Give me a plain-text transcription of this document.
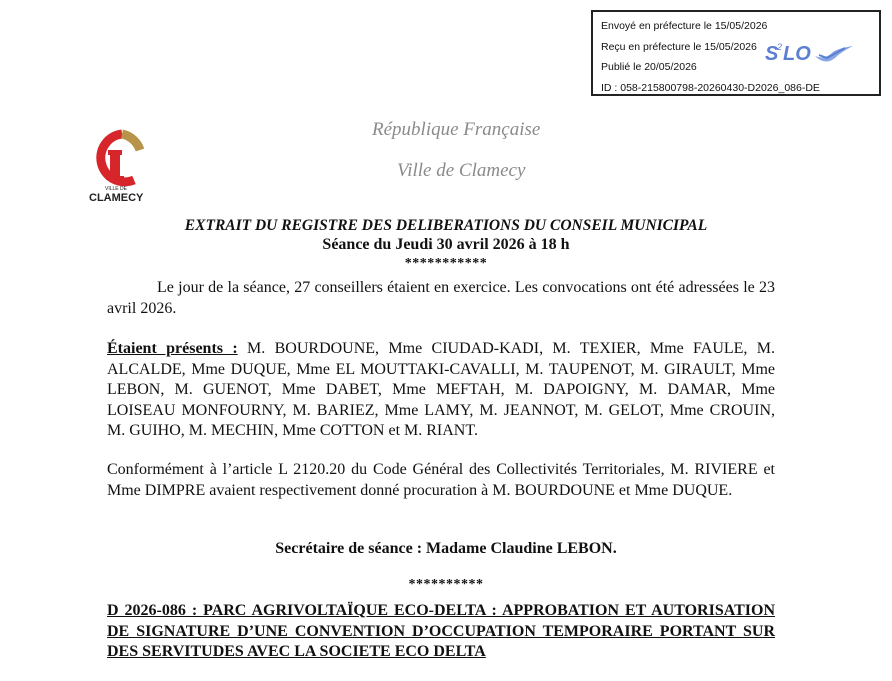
Envoyé en préfecture le 15/05/2026
Reçu en préfecture le 15/05/2026
Publié le 20/05/2026
ID : 058-215800798-20260430-D2026_086-DE
S
2 LO
VILLE DE
CLAMECY
République Française
Ville de Clamecy
EXTRAIT DU REGISTRE DES DELIBERATIONS DU CONSEIL MUNICIPAL
Séance du Jeudi 30 avril 2026 à 18 h
***********
Le jour de la séance, 27 conseillers étaient en exercice. Les convocations ont été adressées le 23 avril 2026.
Étaient présents : M. BOURDOUNE, Mme CIUDAD-KADI, M. TEXIER, Mme FAULE, M. ALCALDE, Mme DUQUE, Mme EL MOUTTAKI-CAVALLI, M. TAUPENOT, M. GIRAULT, Mme LEBON, M. GUENOT, Mme DABET, Mme MEFTAH, M. DAPOIGNY, M. DAMAR, Mme LOISEAU MONFOURNY, M. BARIEZ, Mme LAMY, M. JEANNOT, M. GELOT, Mme CROUIN, M. GUIHO, M. MECHIN, Mme COTTON et M. RIANT.
Conformément à l’article L 2120.20 du Code Général des Collectivités Territoriales, M. RIVIERE et Mme DIMPRE avaient respectivement donné procuration à M. BOURDOUNE et Mme DUQUE.
Secrétaire de séance : Madame Claudine LEBON.
**********
D 2026-086 : PARC AGRIVOLTAÏQUE ECO-DELTA : APPROBATION ET AUTORISATION DE SIGNATURE D’UNE CONVENTION D’OCCUPATION TEMPORAIRE PORTANT SUR DES SERVITUDES AVEC LA SOCIETE ECO DELTA
